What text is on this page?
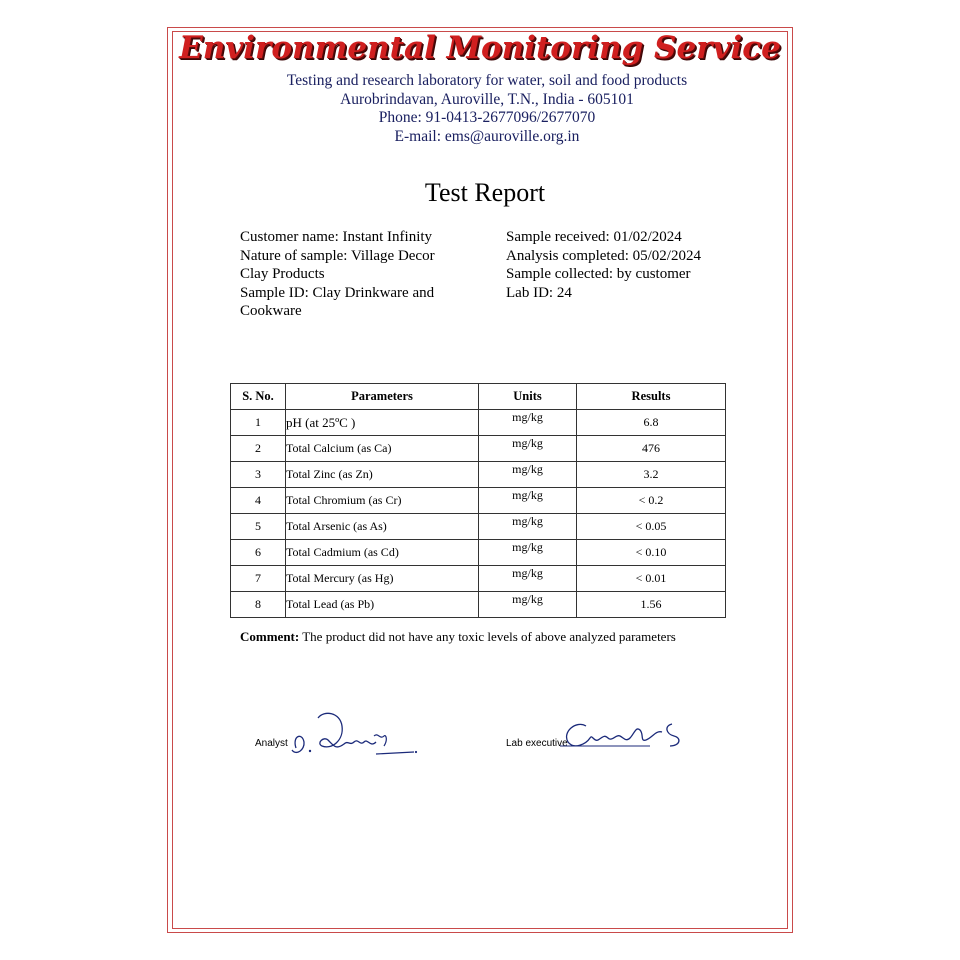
Environmental Monitoring Service
Testing and research laboratory for water, soil and food products
Aurobrindavan, Auroville, T.N., India - 605101
Phone: 91-0413-2677096/2677070
E-mail: ems@auroville.org.in
Test Report
Customer name: Instant Infinity
Nature of sample: Village Decor
Clay Products
Sample ID: Clay Drinkware and
Cookware
Sample received: 01/02/2024
Analysis completed: 05/02/2024
Sample collected: by customer
Lab ID: 24
S. No.	Parameters	Units	Results
1	pH (at 25ºC )	mg/kg	6.8
2	Total Calcium (as Ca)	mg/kg	476
3	Total Zinc (as Zn)	mg/kg	3.2
4	Total Chromium (as Cr)	mg/kg	< 0.2
5	Total Arsenic (as As)	mg/kg	< 0.05
6	Total Cadmium (as Cd)	mg/kg	< 0.10
7	Total Mercury (as Hg)	mg/kg	< 0.01
8	Total Lead (as Pb)	mg/kg	1.56
Comment: The product did not have any toxic levels of above analyzed parameters
Analyst	Lab executive
